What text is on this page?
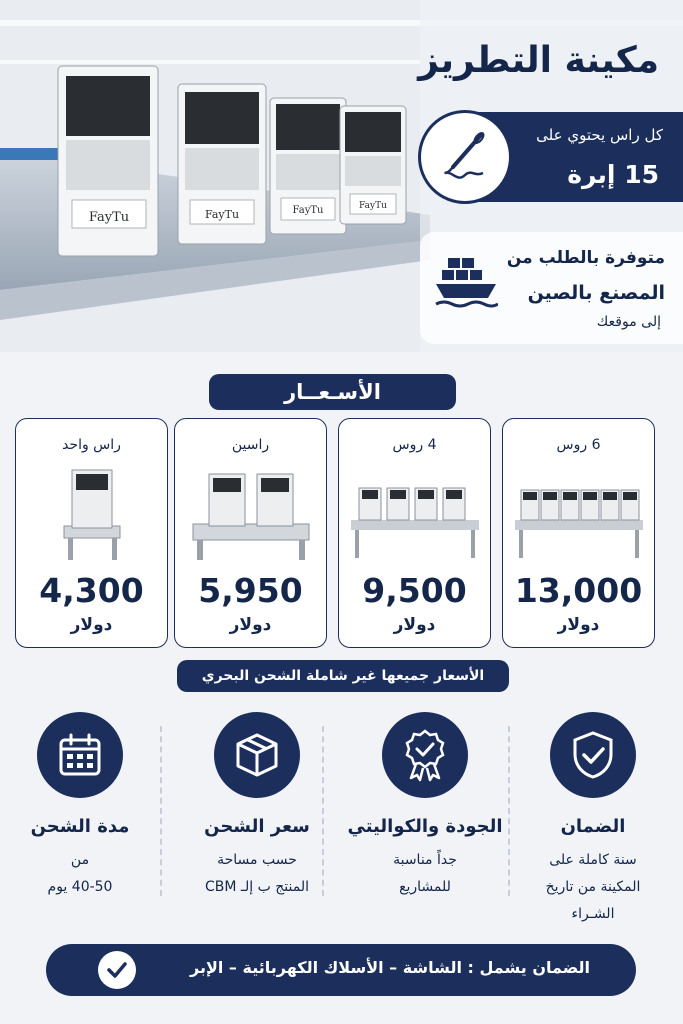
FayTu	FayTu	FayTu	FayTu
مكينة التطريز
كل راس يحتوي على
15 إبرة
متوفرة بالطلب من
المصنع بالصين
إلى موقعك
الأسـعــار
6 روس
13,000
دولار
4 روس
9,500
دولار
راسين
5,950
دولار
راس واحد
4,300
دولار
الأسعار جميعها غير شاملة الشحن البحري
الضمان
سنة كاملة على
المكينة من تاريخ
الشـراء
الجودة والكواليتي
جداً مناسبة
للمشاريع
سعر الشحن
حسب مساحة
المنتج ب إلـ CBM
مدة الشحن
من
40-50 يوم
الضمان يشمل : الشاشة – الأسلاك الكهربائية – الإبر
